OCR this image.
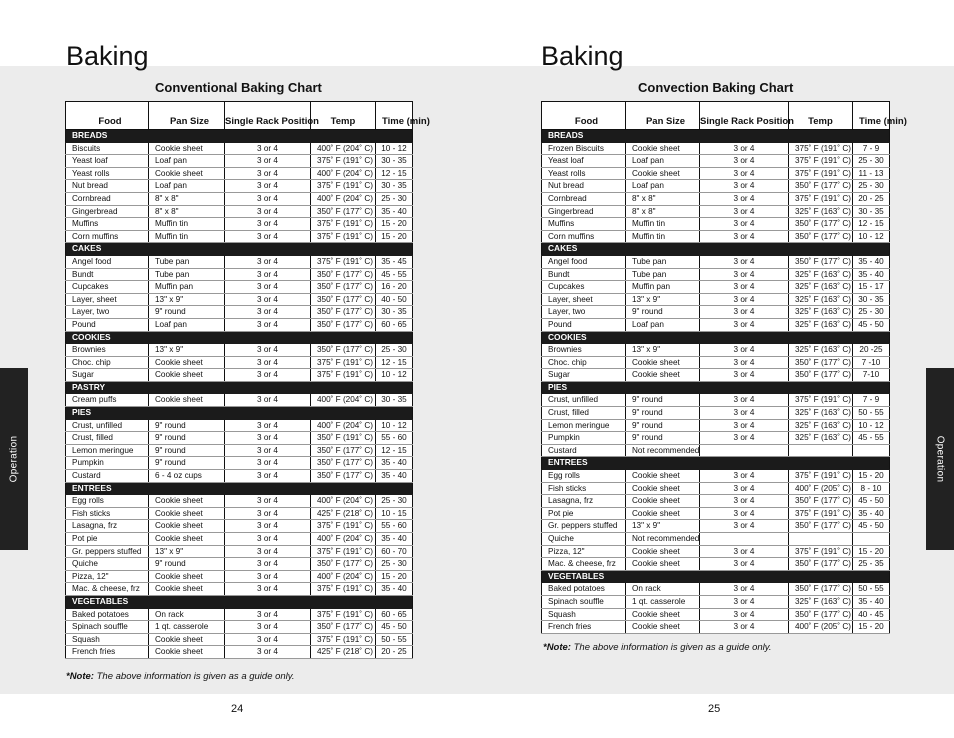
Baking
Conventional Baking Chart
Operation
Food	Pan Size	Single Rack Position	Temp	Time (min)
BREADS				
Biscuits	Cookie sheet	3 or 4	400˚ F (204˚ C)	10 - 12
Yeast loaf	Loaf pan	3 or 4	375˚ F (191˚ C)	30 - 35
Yeast rolls	Cookie sheet	3 or 4	400˚ F (204˚ C)	12 - 15
Nut bread	Loaf pan	3 or 4	375˚ F (191˚ C)	30 - 35
Cornbread	8" x 8"	3 or 4	400˚ F (204˚ C)	25 - 30
Gingerbread	8" x 8"	3 or 4	350˚ F (177˚ C)	35 - 40
Muffins	Muffin tin	3 or 4	375˚ F (191˚ C)	15 - 20
Corn muffins	Muffin tin	3 or 4	375˚ F (191˚ C)	15 - 20
CAKES				
Angel food	Tube pan	3 or 4	375˚ F (191˚ C)	35 - 45
Bundt	Tube pan	3 or 4	350˚ F (177˚ C)	45 - 55
Cupcakes	Muffin pan	3 or 4	350˚ F (177˚ C)	16 - 20
Layer, sheet	13" x 9"	3 or 4	350˚ F (177˚ C)	40 - 50
Layer, two	9" round	3 or 4	350˚ F (177˚ C)	30 - 35
Pound	Loaf pan	3 or 4	350˚ F (177˚ C)	60 - 65
COOKIES				
Brownies	13" x 9"	3 or 4	350˚ F (177˚ C)	25 - 30
Choc. chip	Cookie sheet	3 or 4	375˚ F (191˚ C)	12 - 15
Sugar	Cookie sheet	3 or 4	375˚ F (191˚ C)	10 - 12
PASTRY				
Cream puffs	Cookie sheet	3 or 4	400˚ F (204˚ C)	30 - 35
PIES				
Crust, unfilled	9" round	3 or 4	400˚ F (204˚ C)	10 - 12
Crust, filled	9" round	3 or 4	350˚ F (191˚ C)	55 - 60
Lemon meringue	9" round	3 or 4	350˚ F (177˚ C)	12 - 15
Pumpkin	9" round	3 or 4	350˚ F (177˚ C)	35 - 40
Custard	6 - 4 oz cups	3 or 4	350˚ F (177˚ C)	35 - 40
ENTREES				
Egg rolls	Cookie sheet	3 or 4	400˚ F (204˚ C)	25 - 30
Fish sticks	Cookie sheet	3 or 4	425˚ F (218˚ C)	10 - 15
Lasagna, frz	Cookie sheet	3 or 4	375˚ F (191˚ C)	55 - 60
Pot pie	Cookie sheet	3 or 4	400˚ F (204˚ C)	35 - 40
Gr. peppers stuffed	13" x 9"	3 or 4	375˚ F (191˚ C)	60 - 70
Quiche	9" round	3 or 4	350˚ F (177˚ C)	25 - 30
Pizza, 12"	Cookie sheet	3 or 4	400˚ F (204˚ C)	15 - 20
Mac. & cheese, frz	Cookie sheet	3 or 4	375˚ F (191˚ C)	35 - 40
VEGETABLES				
Baked potatoes	On rack	3 or 4	375˚ F (191˚ C)	60 - 65
Spinach souffle	1 qt. casserole	3 or 4	350˚ F (177˚ C)	45 - 50
Squash	Cookie sheet	3 or 4	375˚ F (191˚ C)	50 - 55
French fries	Cookie sheet	3 or 4	425˚ F (218˚ C)	20 - 25
*Note: The above information is given as a guide only.
24
Baking
Convection Baking Chart
Operation
Food	Pan Size	Single Rack Position	Temp	Time (min)
BREADS				
Frozen Biscuits	Cookie sheet	3 or 4	375˚ F (191˚ C)	7 - 9
Yeast loaf	Loaf pan	3 or 4	375˚ F (191˚ C)	25 - 30
Yeast rolls	Cookie sheet	3 or 4	375˚ F (191˚ C)	11 - 13
Nut bread	Loaf pan	3 or 4	350˚ F (177˚ C)	25 - 30
Cornbread	8" x 8"	3 or 4	375˚ F (191˚ C)	20 - 25
Gingerbread	8" x 8"	3 or 4	325˚ F (163˚ C)	30 - 35
Muffins	Muffin tin	3 or 4	350˚ F (177˚ C)	12 - 15
Corn muffins	Muffin tin	3 or 4	350˚ F (177˚ C)	10 - 12
CAKES				
Angel food	Tube pan	3 or 4	350˚ F (177˚ C)	35 - 40
Bundt	Tube pan	3 or 4	325˚ F (163˚ C)	35 - 40
Cupcakes	Muffin pan	3 or 4	325˚ F (163˚ C)	15 - 17
Layer, sheet	13" x 9"	3 or 4	325˚ F (163˚ C)	30 - 35
Layer, two	9" round	3 or 4	325˚ F (163˚ C)	25 - 30
Pound	Loaf pan	3 or 4	325˚ F (163˚ C)	45 - 50
COOKIES				
Brownies	13" x 9"	3 or 4	325˚ F (163˚ C)	20 -25
Choc. chip	Cookie sheet	3 or 4	350˚ F (177˚ C)	7 -10
Sugar	Cookie sheet	3 or 4	350˚ F (177˚ C)	7-10
PIES				
Crust, unfilled	9" round	3 or 4	375˚ F (191˚ C)	7 - 9
Crust, filled	9" round	3 or 4	325˚ F (163˚ C)	50 - 55
Lemon meringue	9" round	3 or 4	325˚ F (163˚ C)	10 - 12
Pumpkin	9" round	3 or 4	325˚ F (163˚ C)	45 - 55
Custard	Not recommended			
ENTREES				
Egg rolls	Cookie sheet	3 or 4	375˚ F (191˚ C)	15 - 20
Fish sticks	Cookie sheet	3 or 4	400˚ F (205˚ C)	8 - 10
Lasagna, frz	Cookie sheet	3 or 4	350˚ F (177˚ C)	45 - 50
Pot pie	Cookie sheet	3 or 4	375˚ F (191˚ C)	35 - 40
Gr. peppers stuffed	13" x 9"	3 or 4	350˚ F (177˚ C)	45 - 50
Quiche	Not recommended			
Pizza, 12"	Cookie sheet	3 or 4	375˚ F (191˚ C)	15 - 20
Mac. & cheese, frz	Cookie sheet	3 or 4	350˚ F (177˚ C)	25 - 35
VEGETABLES				
Baked potatoes	On rack	3 or 4	350˚ F (177˚ C)	50 - 55
Spinach souffle	1 qt. casserole	3 or 4	325˚ F (163˚ C)	35 - 40
Squash	Cookie sheet	3 or 4	350˚ F (177˚ C)	40 - 45
French fries	Cookie sheet	3 or 4	400˚ F (205˚ C)	15 - 20
*Note: The above information is given as a guide only.
25
